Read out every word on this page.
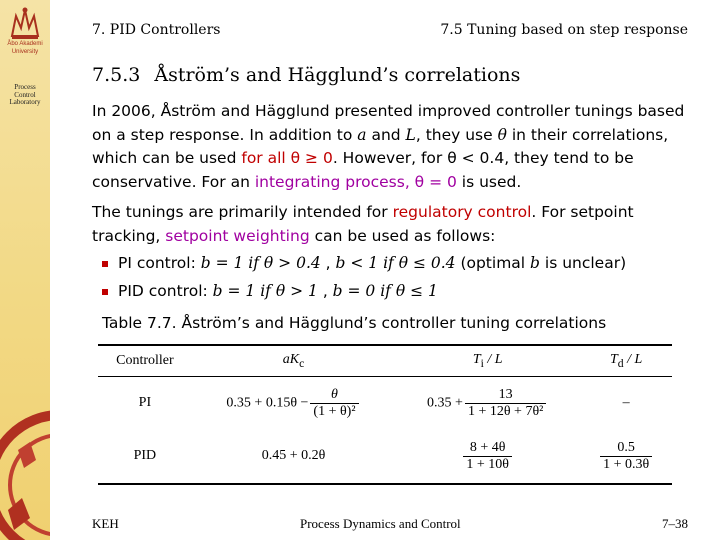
Åbo Akademi
University
Process
Control
Laboratory
7. PID Controllers	7.5 Tuning based on step response
7.5.3 Åström’s and Hägglund’s correlations

In 2006, Åström and Hägglund presented improved controller tunings based on a step response. In addition to a and L, they use θ in their correlations, which can be used for all θ ≥ 0. However, for θ < 0.4, they tend to be conservative. For an integrating process, θ = 0 is used.

The tunings are primarily intended for regulatory control. For setpoint tracking, setpoint weighting can be used as follows:

PI control: b = 1 if θ > 0.4 , b < 1 if θ ≤ 0.4 (optimal b is unclear)
PID control: b = 1 if θ > 1 , b = 0 if θ ≤ 1
Table 7.7. Åström’s and Hägglund’s controller tuning correlations
Controller	$aK_c$	$T_i$ / L	$T_d$ / L
PI	$0.35 + 0.15\theta - \frac{\theta}{\text{(1 + θ)²}}$	$0.35 + \frac{13}{\text{1 + 12θ + 7θ²}}$	–
PID	0.45 + 0.2θ	$\frac{8 + 4\theta}{1 + 10\theta}$	$\frac{0.5}{1 + 0.3\theta}$
KEH	Process Dynamics and Control	7–38
